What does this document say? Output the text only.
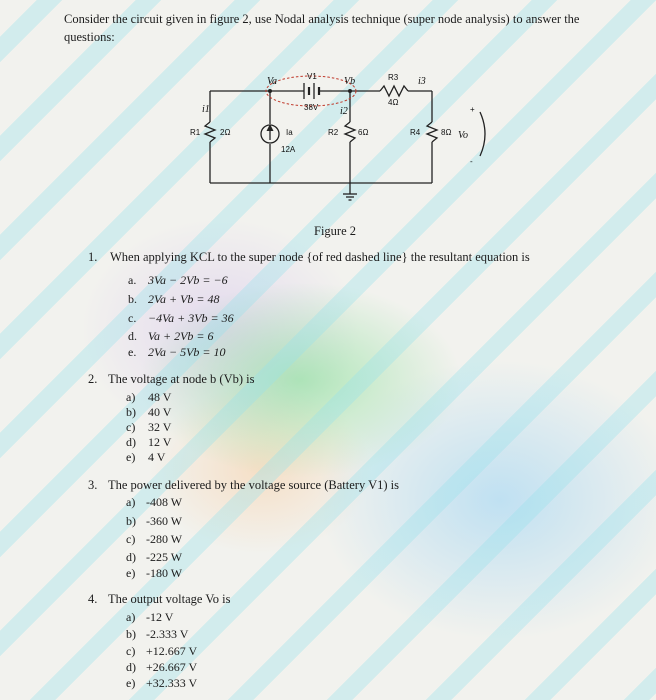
Consider the circuit given in figure 2, use Nodal analysis technique (super node analysis) to answer the questions:

Va	V1	Vb	R3 i3
38V
4Ω
i1	i2
R1 2Ω	Ia
12A
R2 6Ω	R4	8Ω Vo
+
-

Figure 2

1. When applying KCL to the super node {of red dashed line} the resultant equation is
a. 3Va − 2Vb = −6
b. 2Va + Vb = 48
c. −4Va + 3Vb = 36
d. Va + 2Vb = 6
e. 2Va − 5Vb = 10
2. The voltage at node b (Vb) is
a) 48 V
b) 40 V
c) 32 V
d) 12 V
e) 4 V
3. The power delivered by the voltage source (Battery V1) is
a) -408 W
b) -360 W
c) -280 W
d) -225 W
e) -180 W
4. The output voltage Vo is
a) -12 V
b) -2.333 V
c) +12.667 V
d) +26.667 V
e) +32.333 V
